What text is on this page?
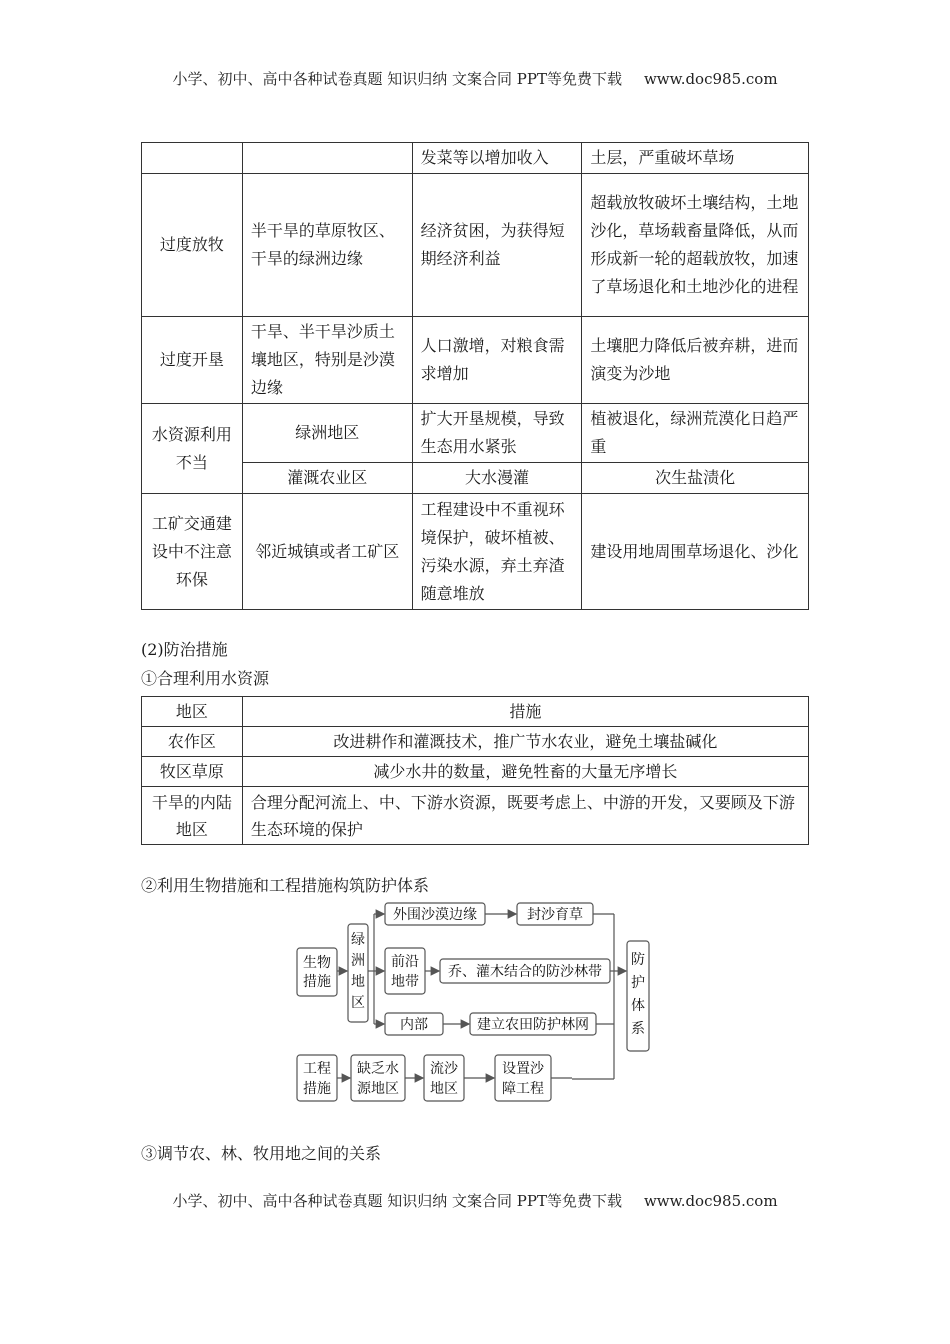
小学、初中、高中各种试卷真题 知识归纳 文案合同 PPT等免费下载 www.doc985.com
		发菜等以增加收入	土层，严重破坏草场
过度放牧	半干旱的草原牧区、干旱的绿洲边缘	经济贫困，为获得短期经济利益	超载放牧破坏土壤结构，土地沙化，草场载畜量降低，从而形成新一轮的超载放牧，加速了草场退化和土地沙化的进程
过度开垦	干旱、半干旱沙质土壤地区，特别是沙漠边缘	人口激增，对粮食需求增加	土壤肥力降低后被弃耕，进而演变为沙地
水资源利用不当	绿洲地区	扩大开垦规模，导致生态用水紧张	植被退化，绿洲荒漠化日趋严重
	灌溉农业区	大水漫灌	次生盐渍化
工矿交通建设中不注意环保	邻近城镇或者工矿区	工程建设中不重视环境保护，破坏植被、污染水源，弃土弃渣随意堆放	建设用地周围草场退化、沙化
(2)防治措施
①合理利用水资源
地区	措施
农作区	改进耕作和灌溉技术，推广节水农业，避免土壤盐碱化
牧区草原	减少水井的数量，避免牲畜的大量无序增长
干旱的内陆地区	合理分配河流上、中、下游水资源，既要考虑上、中游的开发，又要顾及下游生态环境的保护
②利用生物措施和工程措施构筑防护体系
生物
措施
绿
洲
地
区
外围沙漠边缘	封沙育草
前沿
地带
乔、灌木结合的防沙林带
内部	建立农田防护林网
防
护
体
系
工程
措施
缺乏水
源地区
流沙
地区
设置沙
障工程
③调节农、林、牧用地之间的关系
小学、初中、高中各种试卷真题 知识归纳 文案合同 PPT等免费下载 www.doc985.com
